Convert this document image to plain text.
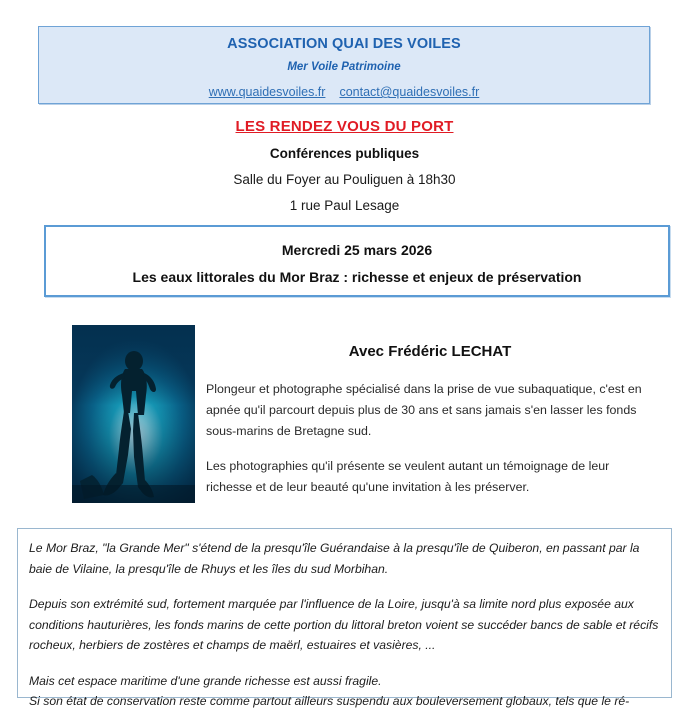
ASSOCIATION QUAI DES VOILES
Mer Voile Patrimoine
www.quaidesvoiles.fr contact@quaidesvoiles.fr
LES RENDEZ VOUS DU PORT
Conférences publiques
Salle du Foyer au Pouliguen à 18h30
1 rue Paul Lesage
Mercredi 25 mars 2026
Les eaux littorales du Mor Braz : richesse et enjeux de préservation
Avec Frédéric LECHAT

Plongeur et photographe spécialisé dans la prise de vue subaquatique, c'est en apnée qu'il parcourt depuis plus de 30 ans et sans jamais s'en lasser les fonds sous-marins de Bretagne sud.

Les photographies qu'il présente se veulent autant un témoignage de leur richesse et de leur beauté qu'une invitation à les préserver.

Le Mor Braz, "la Grande Mer" s'étend de la presqu'île Guérandaise à la presqu'île de Quiberon, en passant par la baie de Vilaine, la presqu'île de Rhuys et les îles du sud Morbihan.

Depuis son extrémité sud, fortement marquée par l'influence de la Loire, jusqu'à sa limite nord plus exposée aux conditions hauturières, les fonds marins de cette portion du littoral breton voient se succéder bancs de sable et récifs rocheux, herbiers de zostères et champs de maërl, estuaires et vasières, ...

Mais cet espace maritime d'une grande richesse est aussi fragile.

Si son état de conservation reste comme partout ailleurs suspendu aux bouleversement globaux, tels que le ré-
